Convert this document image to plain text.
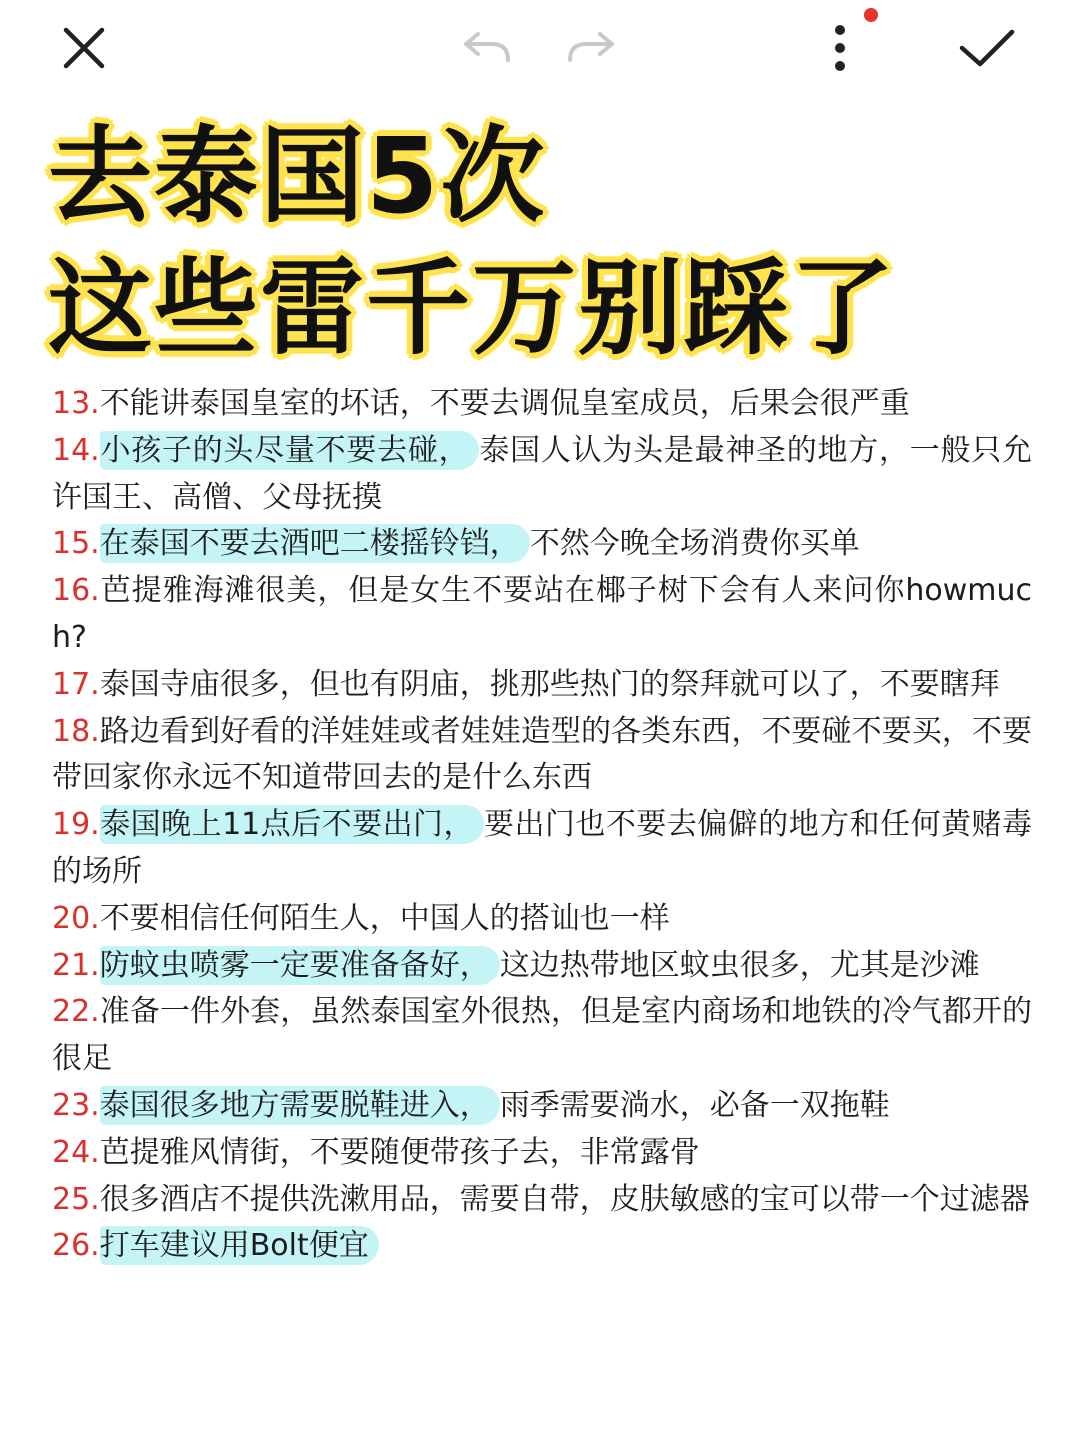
去泰国5次
这些雷千万别踩了

13.不能讲泰国皇室的坏话，不要去调侃皇室成员，后果会很严重

14.小孩子的头尽量不要去碰， 泰国人认为头是最神圣的地方，一般只允许国王、高僧、父母抚摸

15.在泰国不要去酒吧二楼摇铃铛， 不然今晚全场消费你买单

16.芭提雅海滩很美，但是女生不要站在椰子树下会有人来问你howmuch?

17.泰国寺庙很多，但也有阴庙，挑那些热门的祭拜就可以了，不要瞎拜

18.路边看到好看的洋娃娃或者娃娃造型的各类东西，不要碰不要买，不要带回家你永远不知道带回去的是什么东西

19.泰国晚上11点后不要出门， 要出门也不要去偏僻的地方和任何黄赌毒的场所

20.不要相信任何陌生人，中国人的搭讪也一样

21.防蚊虫喷雾一定要准备备好， 这边热带地区蚊虫很多，尤其是沙滩

22.准备一件外套，虽然泰国室外很热，但是室内商场和地铁的冷气都开的很足

23.泰国很多地方需要脱鞋进入， 雨季需要淌水，必备一双拖鞋

24.芭提雅风情街，不要随便带孩子去，非常露骨

25.很多酒店不提供洗漱用品，需要自带，皮肤敏感的宝可以带一个过滤器

26.打车建议用Bolt便宜
